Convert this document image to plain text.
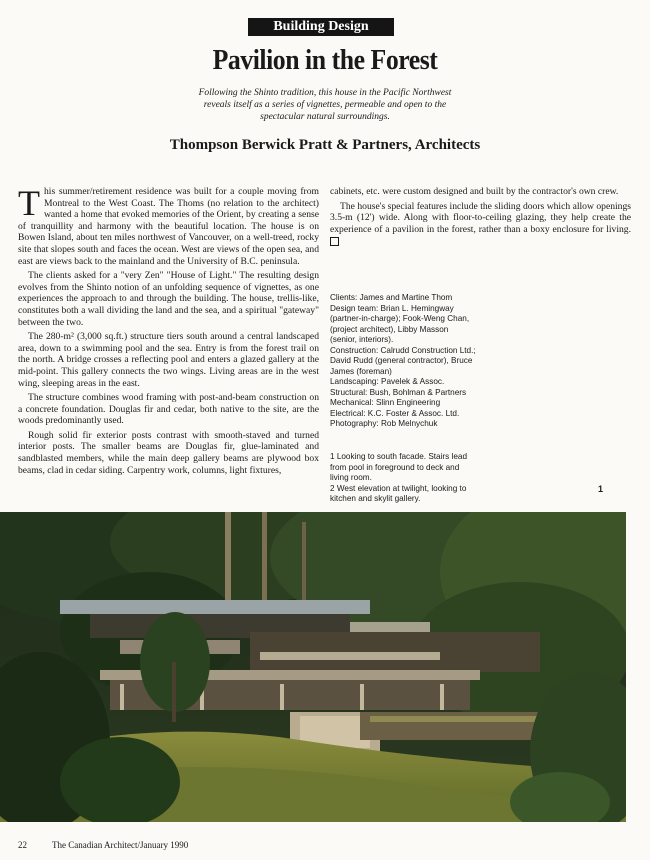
Building Design
Pavilion in the Forest
Following the Shinto tradition, this house in the Pacific Northwest reveals itself as a series of vignettes, permeable and open to the spectacular natural surroundings.
Thompson Berwick Pratt & Partners, Architects

This summer/retirement residence was built for a couple moving from Montreal to the West Coast. The Thoms (no relation to the architect) wanted a home that evoked memories of the Orient, by creating a sense of tranquillity and harmony with the beautiful location. The house is on Bowen Island, about ten miles northwest of Vancouver, on a well-treed, rocky site that slopes south and faces the ocean. West are views of the open sea, and east are views back to the mainland and the University of B.C. peninsula.

The clients asked for a "very Zen" "House of Light." The resulting design evolves from the Shinto notion of an unfolding sequence of vignettes, as one experiences the approach to and through the building. The house, trellis-like, constitutes both a wall dividing the land and the sea, and a spiritual "gateway" between the two.

The 280-m² (3,000 sq.ft.) structure tiers south around a central landscaped area, down to a swimming pool and the sea. Entry is from the forest trail on the north. A bridge crosses a reflecting pool and enters a glazed gallery at the mid-point. This gallery connects the two wings. Living areas are in the west wing, sleeping areas in the east.

The structure combines wood framing with post-and-beam construction on a concrete foundation. Douglas fir and cedar, both native to the site, are the woods predominantly used.

Rough solid fir exterior posts contrast with smooth-staved and turned interior posts. The smaller beams are Douglas fir, glue-laminated and sandblasted members, while the main deep gallery beams are plywood box beams, clad in cedar siding. Carpentry work, columns, light fixtures,

cabinets, etc. were custom designed and built by the contractor's own crew.

The house's special features include the sliding doors which allow openings 3.5-m (12') wide. Along with floor-to-ceiling glazing, they help create the experience of a pavilion in the forest, rather than a boxy enclosure for living.

Clients: James and Martine Thom
Design team: Brian L. Hemingway
(partner-in-charge); Fook-Weng Chan,
(project architect), Libby Masson
(senior, interiors).
Construction: Calrudd Construction Ltd.;
David Rudd (general contractor), Bruce
James (foreman)
Landscaping: Pavelek & Assoc.
Structural: Bush, Bohlman & Partners
Mechanical: Slinn Engineering
Electrical: K.C. Foster & Assoc. Ltd.
Photography: Rob Melnychuk
1 Looking to south facade. Stairs lead
from pool in foreground to deck and
living room.
2 West elevation at twilight, looking to
kitchen and skylit gallery.
1
22	The Canadian Architect/January 1990
